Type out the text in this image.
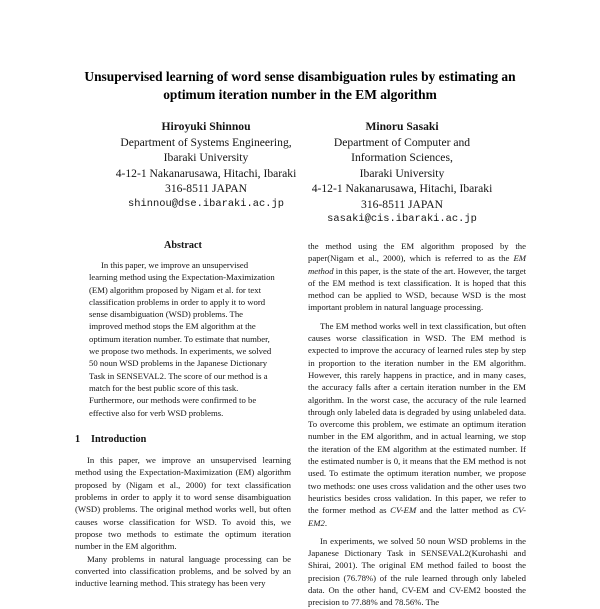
Unsupervised learning of word sense disambiguation rules by estimating an optimum iteration number in the EM algorithm
Hiroyuki Shinnou
Department of Systems Engineering,
Ibaraki University
4-12-1 Nakanarusawa, Hitachi, Ibaraki
316-8511 JAPAN
shinnou@dse.ibaraki.ac.jp
Minoru Sasaki
Department of Computer and
Information Sciences,
Ibaraki University
4-12-1 Nakanarusawa, Hitachi, Ibaraki
316-8511 JAPAN
sasaki@cis.ibaraki.ac.jp

Abstract

In this paper, we improve an unsupervised learning method using the Expectation-Maximization (EM) algorithm proposed by Nigam et al. for text classification problems in order to apply it to word sense disambiguation (WSD) problems. The improved method stops the EM algorithm at the optimum iteration number. To estimate that number, we propose two methods. In experiments, we solved 50 noun WSD problems in the Japanese Dictionary Task in SENSEVAL2. The score of our method is a match for the best public score of this task. Furthermore, our methods were confirmed to be effective also for verb WSD problems.

1 Introduction

In this paper, we improve an unsupervised learning method using the Expectation-Maximization (EM) algorithm proposed by (Nigam et al., 2000) for text classification problems in order to apply it to word sense disambiguation (WSD) problems. The original method works well, but often causes worse classification for WSD. To avoid this, we propose two methods to estimate the optimum iteration number in the EM algorithm.

Many problems in natural language processing can be converted into classification problems, and be solved by an inductive learning method. This strategy has been very

the method using the EM algorithm proposed by the paper(Nigam et al., 2000), which is referred to as the EM method in this paper, is the state of the art. However, the target of the EM method is text classification. It is hoped that this method can be applied to WSD, because WSD is the most important problem in natural language processing.

The EM method works well in text classification, but often causes worse classification in WSD. The EM method is expected to improve the accuracy of learned rules step by step in proportion to the iteration number in the EM algorithm. However, this rarely happens in practice, and in many cases, the accuracy falls after a certain iteration number in the EM algorithm. In the worst case, the accuracy of the rule learned through only labeled data is degraded by using unlabeled data. To overcome this problem, we estimate an optimum iteration number in the EM algorithm, and in actual learning, we stop the iteration of the EM algorithm at the estimated number. If the estimated number is 0, it means that the EM method is not used. To estimate the optimum iteration number, we propose two methods: one uses cross validation and the other uses two heuristics besides cross validation. In this paper, we refer to the former method as CV-EM and the latter method as CV-EM2.

In experiments, we solved 50 noun WSD problems in the Japanese Dictionary Task in SENSEVAL2(Kurohashi and Shirai, 2001). The original EM method failed to boost the precision (76.78%) of the rule learned through only labeled data. On the other hand, CV-EM and CV-EM2 boosted the precision to 77.88% and 78.56%. The
